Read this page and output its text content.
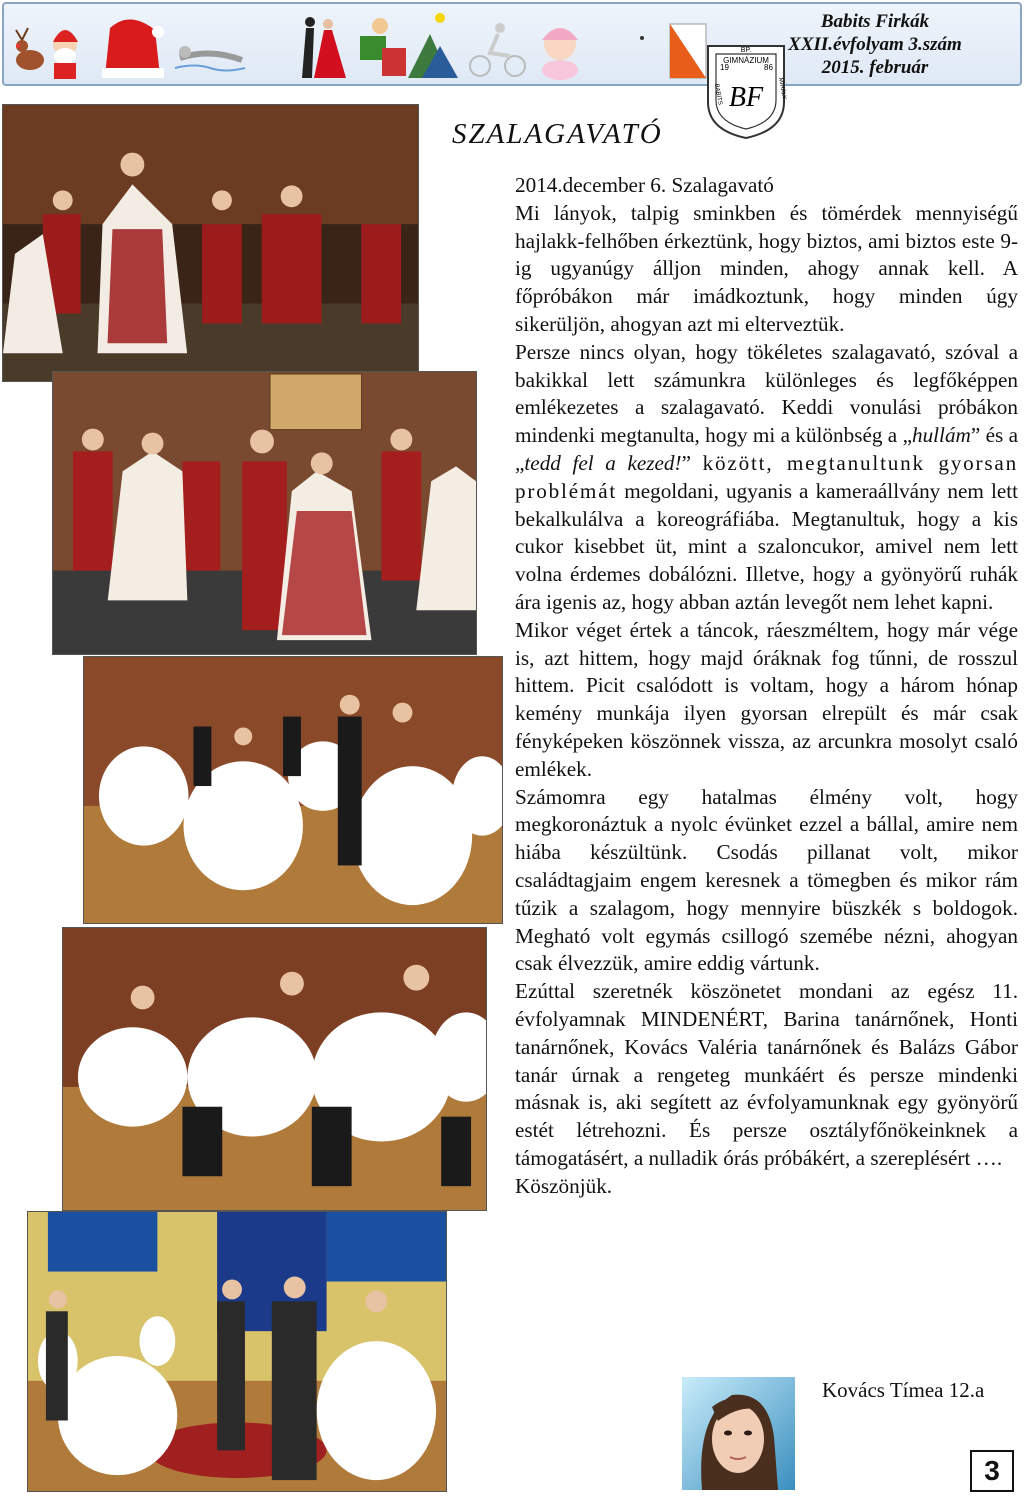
Babits Firkák
XXII.évfolyam 3.szám
2015. február
BP.
GIMNÁZIUM
19	86
BABITS	MIHÁLY
BF
SZALAGAVATÓ

2014.december 6. Szalagavató

Mi lányok, talpig sminkben és tömérdek mennyiségű hajlakk-felhőben érkeztünk, hogy biztos, ami biztos este 9-ig ugyanúgy álljon minden, ahogy annak kell. A főpróbákon már imádkoztunk, hogy minden úgy sikerüljön, ahogyan azt mi elterveztük.

Persze nincs olyan, hogy tökéletes szalagavató, szóval a bakikkal lett számunkra különleges és legfőképpen emlékezetes a szalagavató. Keddi vonulási próbákon mindenki megtanulta, hogy mi a különbség a „hullám” és a „tedd fel a kezed!” között, megtanultunk gyorsan problémát megoldani, ugyanis a kameraállvány nem lett bekalkulálva a koreográfiába. Megtanultuk, hogy a kis cukor kisebbet üt, mint a szaloncukor, amivel nem lett volna érdemes dobálózni. Illetve, hogy a gyönyörű ruhák ára igenis az, hogy abban aztán levegőt nem lehet kapni.

Mikor véget értek a táncok, ráeszméltem, hogy már vége is, azt hittem, hogy majd óráknak fog tűnni, de rosszul hittem. Picit csalódott is voltam, hogy a három hónap kemény munkája ilyen gyorsan elrepült és már csak fényképeken köszönnek vissza, az arcunkra mosolyt csaló emlékek.

Számomra egy hatalmas élmény volt, hogy megkoronáztuk a nyolc évünket ezzel a bállal, amire nem hiába készültünk. Csodás pillanat volt, mikor családtagjaim engem keresnek a tömegben és mikor rám tűzik a szalagom, hogy mennyire büszkék s boldogok. Megható volt egymás csillogó szemébe nézni, ahogyan csak élvezzük, amire eddig vártunk.

Ezúttal szeretnék köszönetet mondani az egész 11. évfolyamnak MINDENÉRT, Barina tanárnőnek, Honti tanárnőnek, Kovács Valéria tanárnőnek és Balázs Gábor tanár úrnak a rengeteg munkáért és persze mindenki másnak is, aki segített az évfolyamunknak egy gyönyörű estét létrehozni. És persze osztályfőnökeinknek a támogatásért, a nulladik órás próbákért, a szereplésért ….

Köszönjük.

Kovács Tímea 12.a
3
